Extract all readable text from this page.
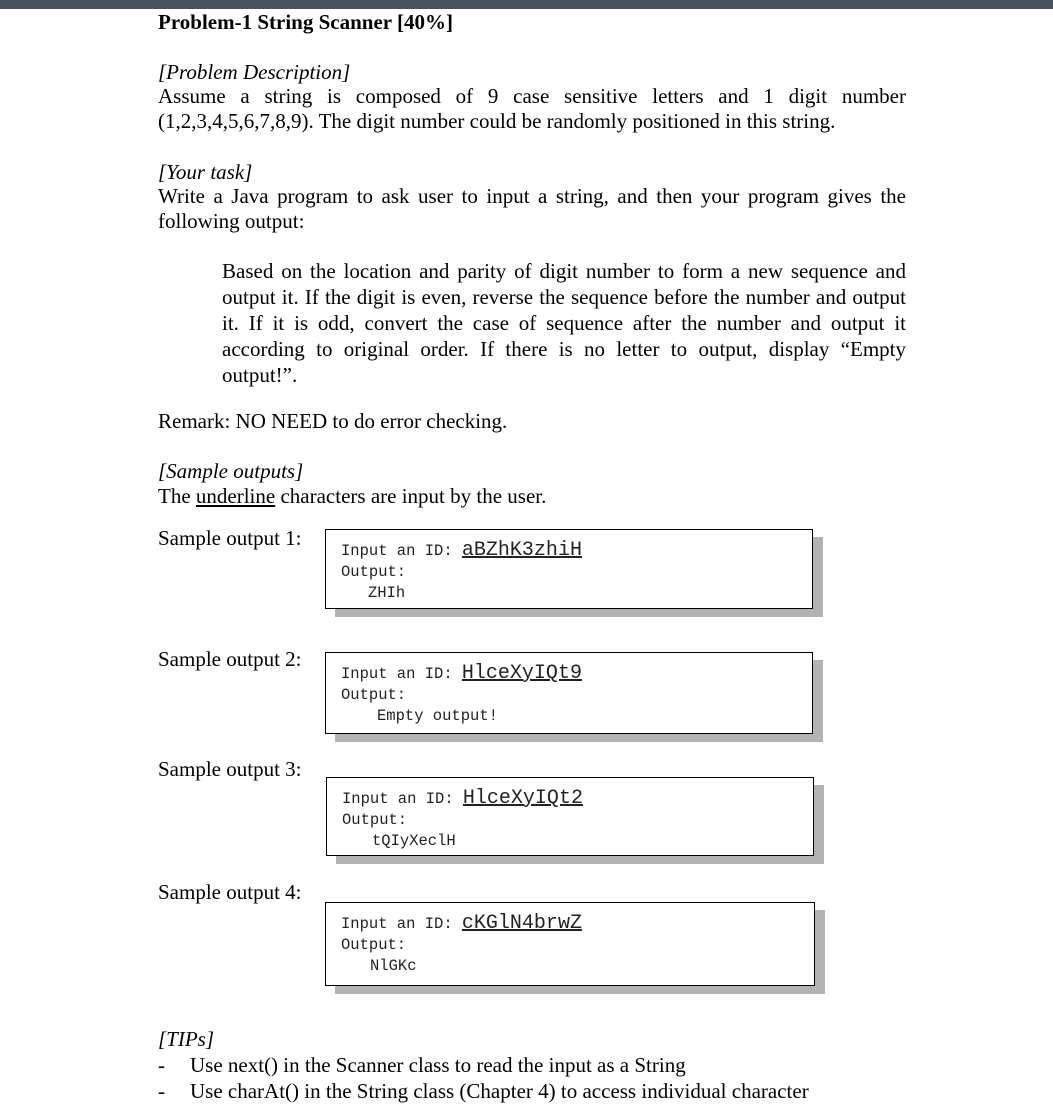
Problem-1 String Scanner [40%]
[Problem Description]
Assume a string is composed of 9 case sensitive letters and 1 digit number
(1,2,3,4,5,6,7,8,9). The digit number could be randomly positioned in this string.
[Your task]
Write a Java program to ask user to input a string, and then your program gives the
following output:
Based on the location and parity of digit number to form a new sequence and
output it. If the digit is even, reverse the sequence before the number and output
it. If it is odd, convert the case of sequence after the number and output it
according to original order. If there is no letter to output, display “Empty
output!”.
Remark: NO NEED to do error checking.
[Sample outputs]
The underline characters are input by the user.
Sample output 1:
Input an ID: aBZhK3zhiH
Output:
ZHIh
Sample output 2:
Input an ID: HlceXyIQt9
Output:
Empty output!
Sample output 3:
Input an ID: HlceXyIQt2
Output:
tQIyXeclH
Sample output 4:
Input an ID: cKGlN4brwZ
Output:
NlGKc
[TIPs]
- Use next() in the Scanner class to read the input as a String
- Use charAt() in the String class (Chapter 4) to access individual character
